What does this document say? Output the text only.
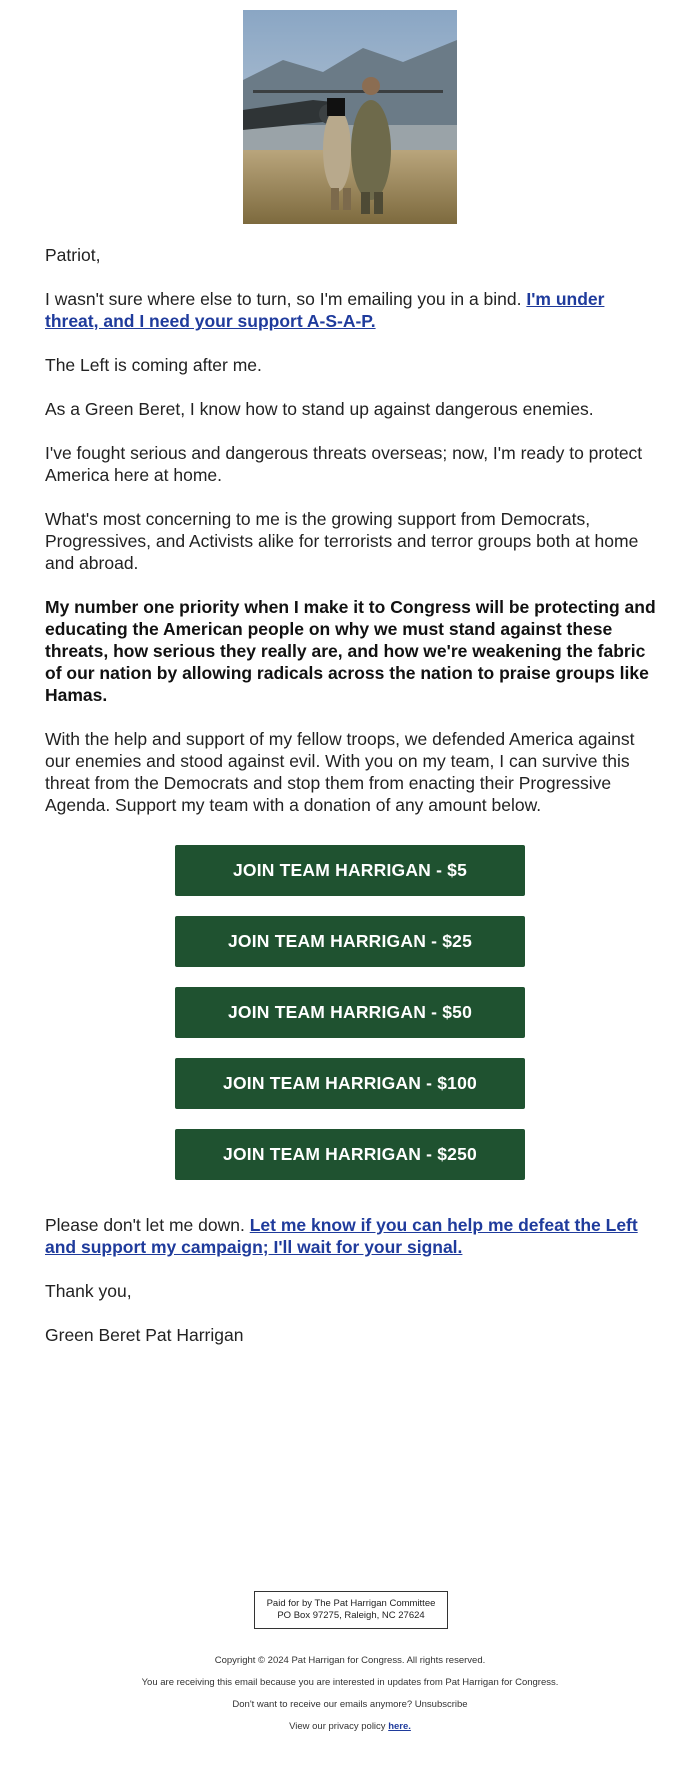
Patriot,

I wasn't sure where else to turn, so I'm emailing you in a bind. I'm under threat, and I need your support A-S-A-P.

The Left is coming after me.

As a Green Beret, I know how to stand up against dangerous enemies.

I've fought serious and dangerous threats overseas; now, I'm ready to protect America here at home.

What's most concerning to me is the growing support from Democrats, Progressives, and Activists alike for terrorists and terror groups both at home and abroad.

My number one priority when I make it to Congress will be protecting and educating the American people on why we must stand against these threats, how serious they really are, and how we're weakening the fabric of our nation by allowing radicals across the nation to praise groups like Hamas.

With the help and support of my fellow troops, we defended America against our enemies and stood against evil. With you on my team, I can survive this threat from the Democrats and stop them from enacting their Progressive Agenda. Support my team with a donation of any amount below.

JOIN TEAM HARRIGAN - $5
JOIN TEAM HARRIGAN - $25
JOIN TEAM HARRIGAN - $50
JOIN TEAM HARRIGAN - $100
JOIN TEAM HARRIGAN - $250

Please don't let me down. Let me know if you can help me defeat the Left and support my campaign; I'll wait for your signal.

Thank you,

Green Beret Pat Harrigan

Paid for by The Pat Harrigan Committee
PO Box 97275, Raleigh, NC 27624
Copyright © 2024 Pat Harrigan for Congress. All rights reserved.
You are receiving this email because you are interested in updates from Pat Harrigan for Congress.
Don't want to receive our emails anymore? Unsubscribe
View our privacy policy here.
